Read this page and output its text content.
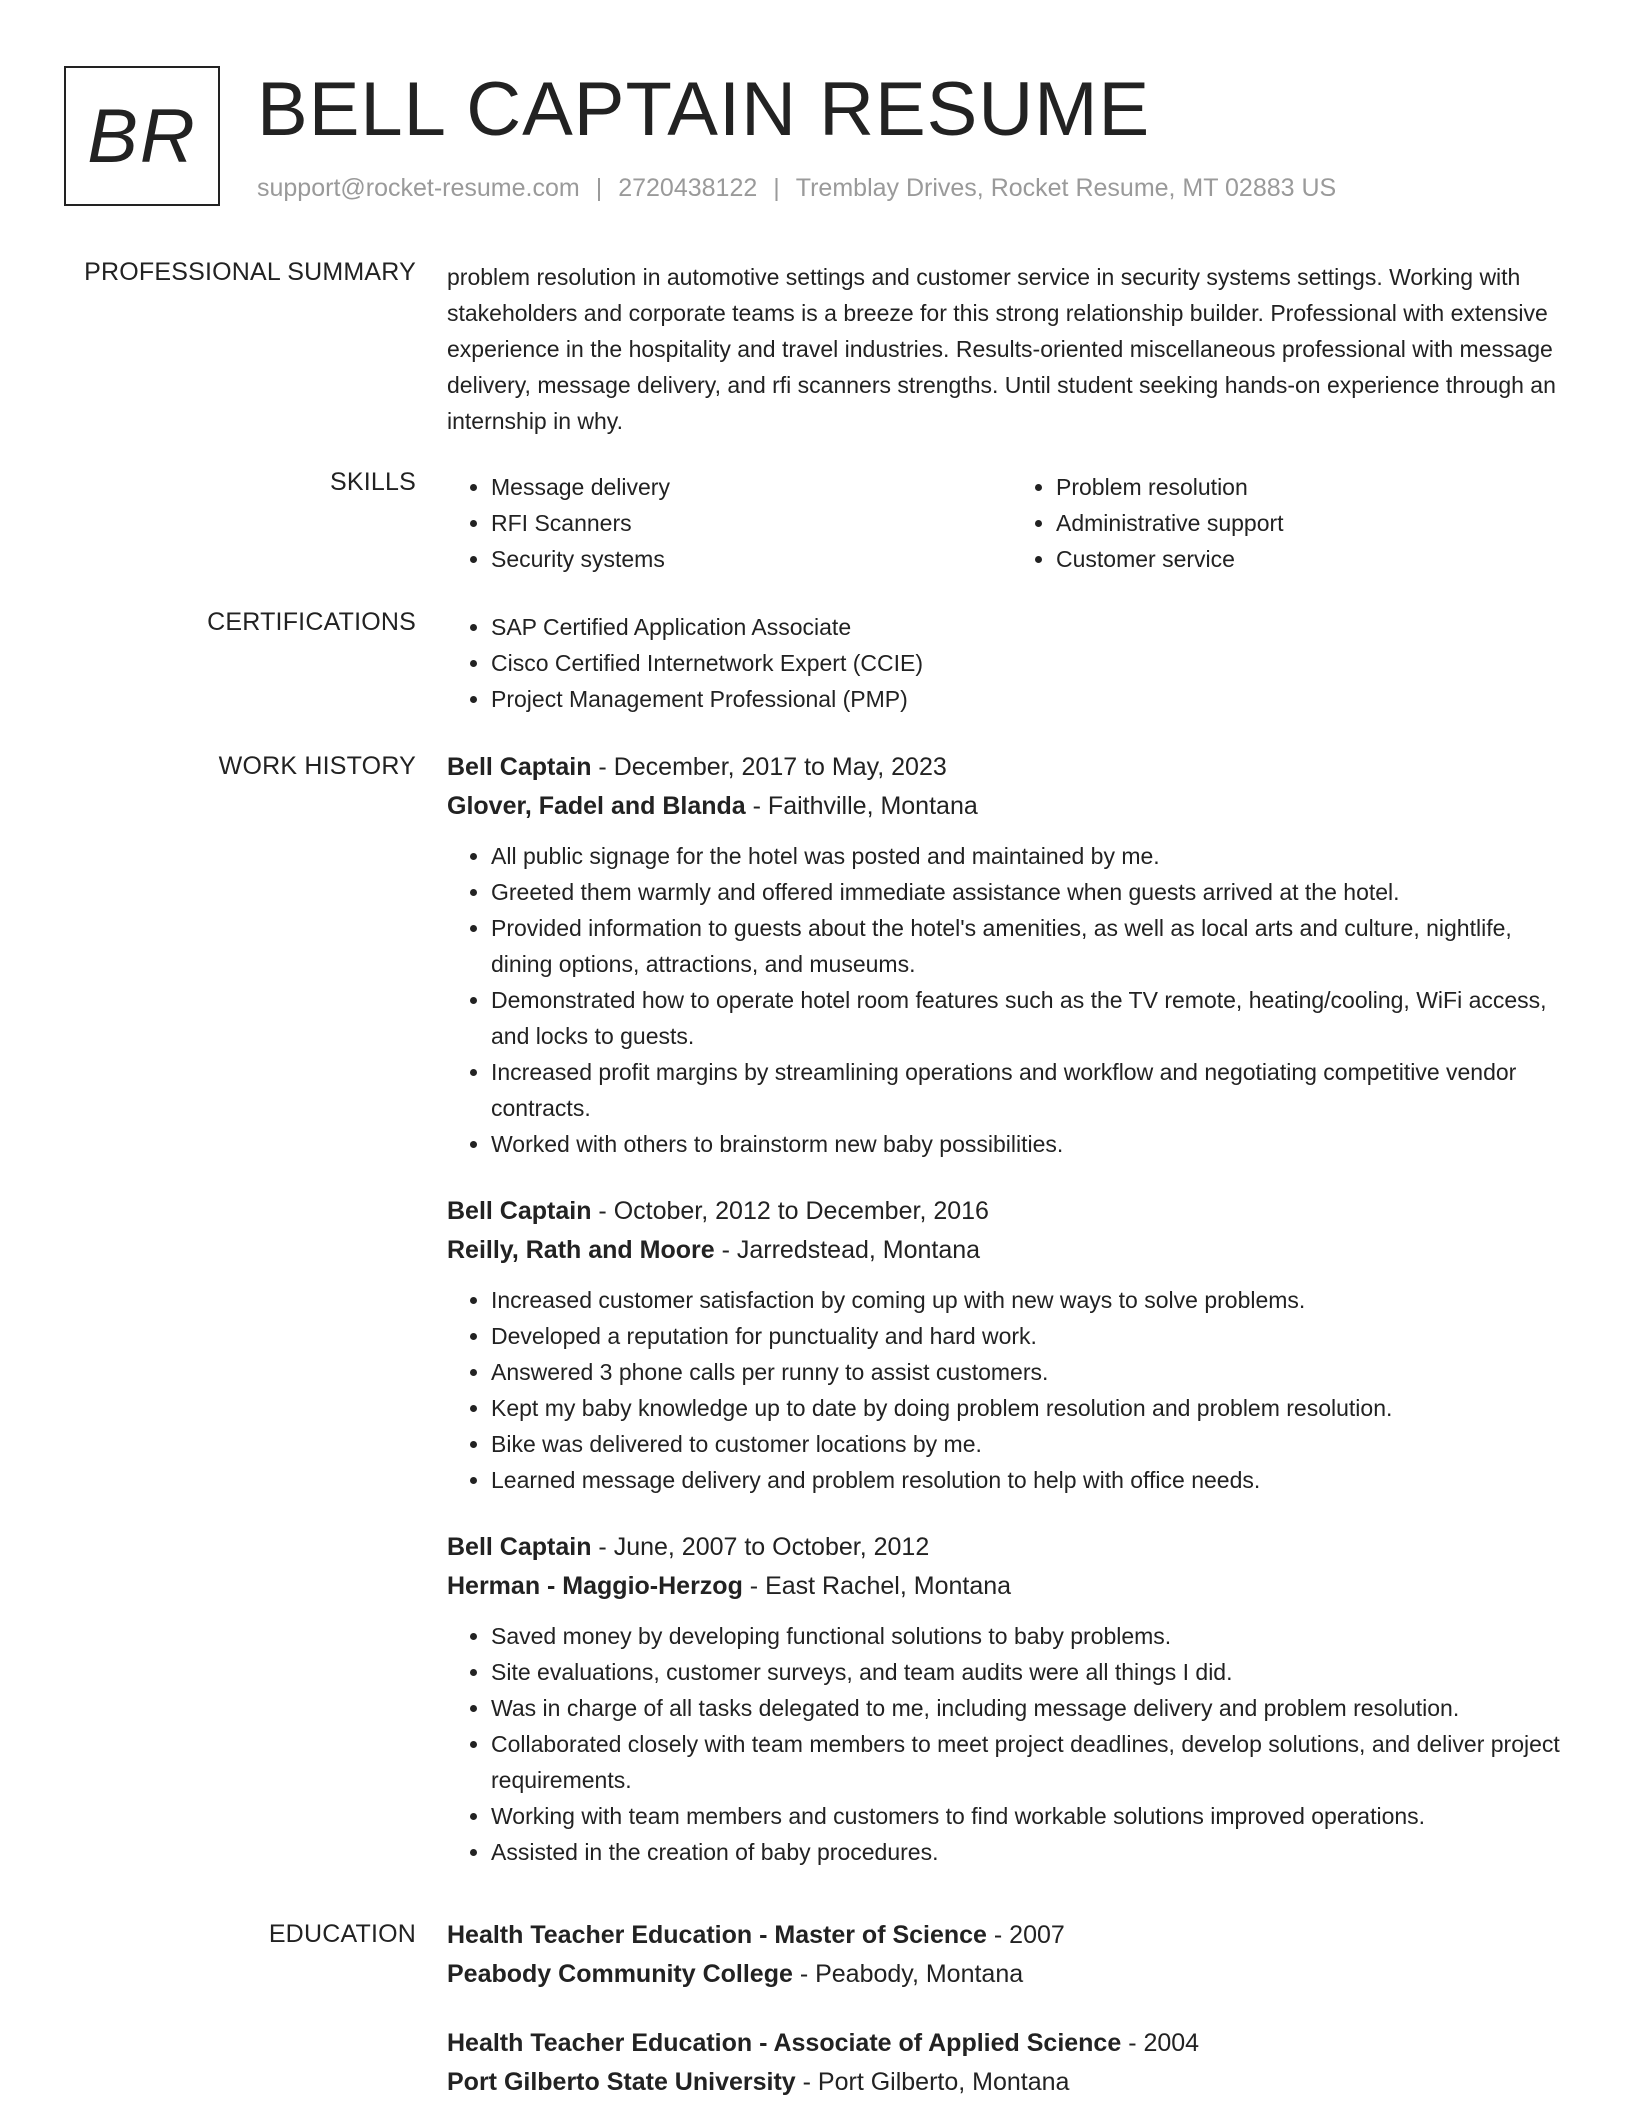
BR BELL CAPTAIN RESUME
support@rocket-resume.com | 2720438122 | Tremblay Drives, Rocket Resume, MT 02883 US
PROFESSIONAL SUMMARY problem resolution in automotive settings and customer service in security systems settings. Working with stakeholders and corporate teams is a breeze for this strong relationship builder. Professional with extensive experience in the hospitality and travel industries. Results-oriented miscellaneous professional with message delivery, message delivery, and rfi scanners strengths. Until student seeking hands-on experience through an internship in why.

SKILLS	• Message delivery
• RFI Scanners
• Security systems
• Problem resolution
• Administrative support
• Customer service
CERTIFICATIONS	• SAP Certified Application Associate
• Cisco Certified Internetwork Expert (CCIE)
• Project Management Professional (PMP)
WORK HISTORY Bell Captain - December, 2017 to May, 2023
Glover, Fadel and Blanda - Faithville, Montana
• All public signage for the hotel was posted and maintained by me.
• Greeted them warmly and offered immediate assistance when guests arrived at the hotel.
• Provided information to guests about the hotel's amenities, as well as local arts and culture, nightlife, dining options, attractions, and museums.
• Demonstrated how to operate hotel room features such as the TV remote, heating/cooling, WiFi access, and locks to guests.
• Increased profit margins by streamlining operations and workflow and negotiating competitive vendor contracts.
• Worked with others to brainstorm new baby possibilities.
Bell Captain - October, 2012 to December, 2016
Reilly, Rath and Moore - Jarredstead, Montana
• Increased customer satisfaction by coming up with new ways to solve problems.
• Developed a reputation for punctuality and hard work.
• Answered 3 phone calls per runny to assist customers.
• Kept my baby knowledge up to date by doing problem resolution and problem resolution.
• Bike was delivered to customer locations by me.
• Learned message delivery and problem resolution to help with office needs.
Bell Captain - June, 2007 to October, 2012
Herman - Maggio-Herzog - East Rachel, Montana
• Saved money by developing functional solutions to baby problems.
• Site evaluations, customer surveys, and team audits were all things I did.
• Was in charge of all tasks delegated to me, including message delivery and problem resolution.
• Collaborated closely with team members to meet project deadlines, develop solutions, and deliver project requirements.
• Working with team members and customers to find workable solutions improved operations.
• Assisted in the creation of baby procedures.
EDUCATION Health Teacher Education - Master of Science - 2007
Peabody Community College - Peabody, Montana
Health Teacher Education - Associate of Applied Science - 2004
Port Gilberto State University - Port Gilberto, Montana
